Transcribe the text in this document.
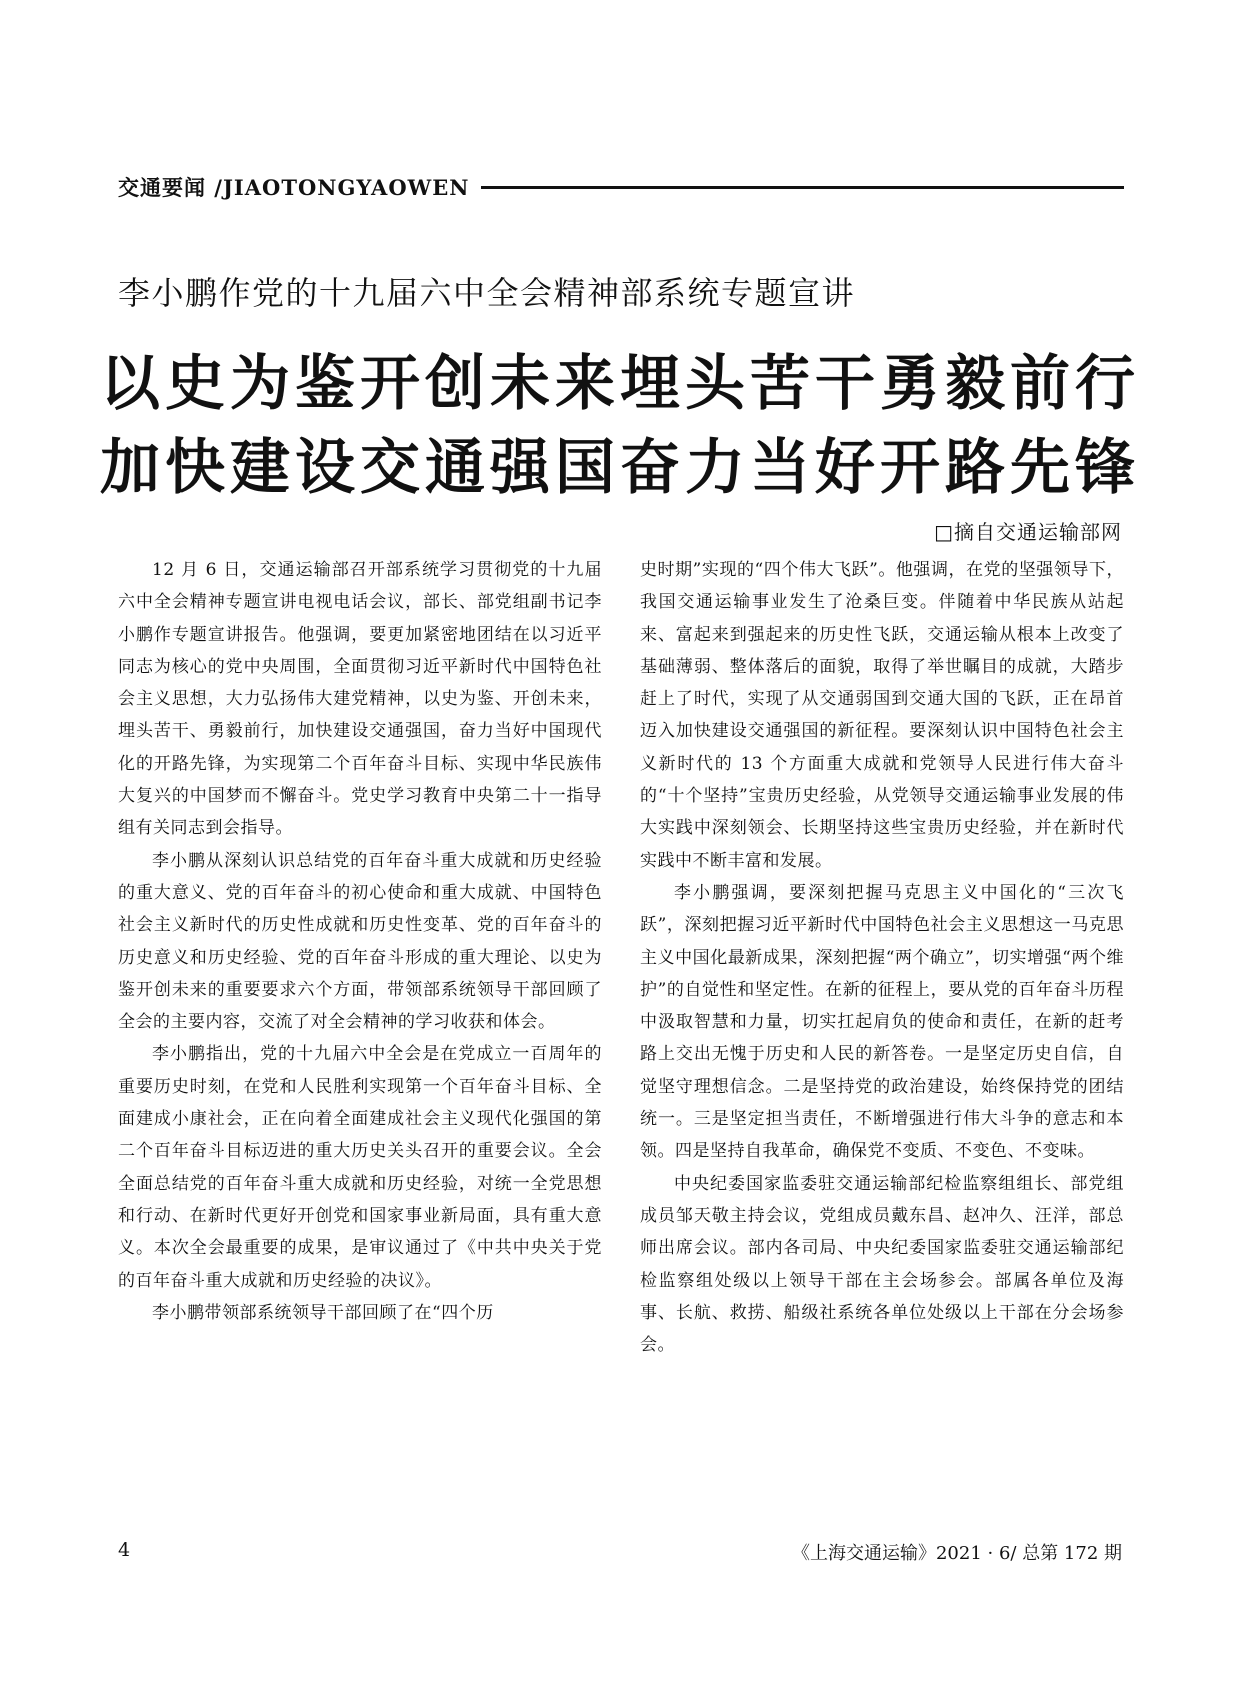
交通要闻 /JIAOTONGYAOWEN
李小鹏作党的十九届六中全会精神部系统专题宣讲
以史为鉴开创未来埋头苦干勇毅前行
加快建设交通强国奋力当好开路先锋
□摘自交通运输部网

12 月 6 日，交通运输部召开部系统学习贯彻党的十九届六中全会精神专题宣讲电视电话会议，部长、部党组副书记李小鹏作专题宣讲报告。他强调，要更加紧密地团结在以习近平同志为核心的党中央周围，全面贯彻习近平新时代中国特色社会主义思想，大力弘扬伟大建党精神，以史为鉴、开创未来，埋头苦干、勇毅前行，加快建设交通强国，奋力当好中国现代化的开路先锋，为实现第二个百年奋斗目标、实现中华民族伟大复兴的中国梦而不懈奋斗。党史学习教育中央第二十一指导组有关同志到会指导。

李小鹏从深刻认识总结党的百年奋斗重大成就和历史经验的重大意义、党的百年奋斗的初心使命和重大成就、中国特色社会主义新时代的历史性成就和历史性变革、党的百年奋斗的历史意义和历史经验、党的百年奋斗形成的重大理论、以史为鉴开创未来的重要要求六个方面，带领部系统领导干部回顾了全会的主要内容，交流了对全会精神的学习收获和体会。

李小鹏指出，党的十九届六中全会是在党成立一百周年的重要历史时刻，在党和人民胜利实现第一个百年奋斗目标、全面建成小康社会，正在向着全面建成社会主义现代化强国的第二个百年奋斗目标迈进的重大历史关头召开的重要会议。全会全面总结党的百年奋斗重大成就和历史经验，对统一全党思想和行动、在新时代更好开创党和国家事业新局面，具有重大意义。本次全会最重要的成果，是审议通过了《中共中央关于党的百年奋斗重大成就和历史经验的决议》。

李小鹏带领部系统领导干部回顾了在“四个历

史时期”实现的“四个伟大飞跃”。他强调，在党的坚强领导下，我国交通运输事业发生了沧桑巨变。伴随着中华民族从站起来、富起来到强起来的历史性飞跃，交通运输从根本上改变了基础薄弱、整体落后的面貌，取得了举世瞩目的成就，大踏步赶上了时代，实现了从交通弱国到交通大国的飞跃，正在昂首迈入加快建设交通强国的新征程。要深刻认识中国特色社会主义新时代的 13 个方面重大成就和党领导人民进行伟大奋斗的“十个坚持”宝贵历史经验，从党领导交通运输事业发展的伟大实践中深刻领会、长期坚持这些宝贵历史经验，并在新时代实践中不断丰富和发展。

李小鹏强调，要深刻把握马克思主义中国化的“三次飞跃”，深刻把握习近平新时代中国特色社会主义思想这一马克思主义中国化最新成果，深刻把握“两个确立”，切实增强“两个维护”的自觉性和坚定性。在新的征程上，要从党的百年奋斗历程中汲取智慧和力量，切实扛起肩负的使命和责任，在新的赶考路上交出无愧于历史和人民的新答卷。一是坚定历史自信，自觉坚守理想信念。二是坚持党的政治建设，始终保持党的团结统一。三是坚定担当责任，不断增强进行伟大斗争的意志和本领。四是坚持自我革命，确保党不变质、不变色、不变味。

中央纪委国家监委驻交通运输部纪检监察组组长、部党组成员邹天敬主持会议，党组成员戴东昌、赵冲久、汪洋，部总师出席会议。部内各司局、中央纪委国家监委驻交通运输部纪检监察组处级以上领导干部在主会场参会。部属各单位及海事、长航、救捞、船级社系统各单位处级以上干部在分会场参会。

4	《上海交通运输》2021 · 6/ 总第 172 期
